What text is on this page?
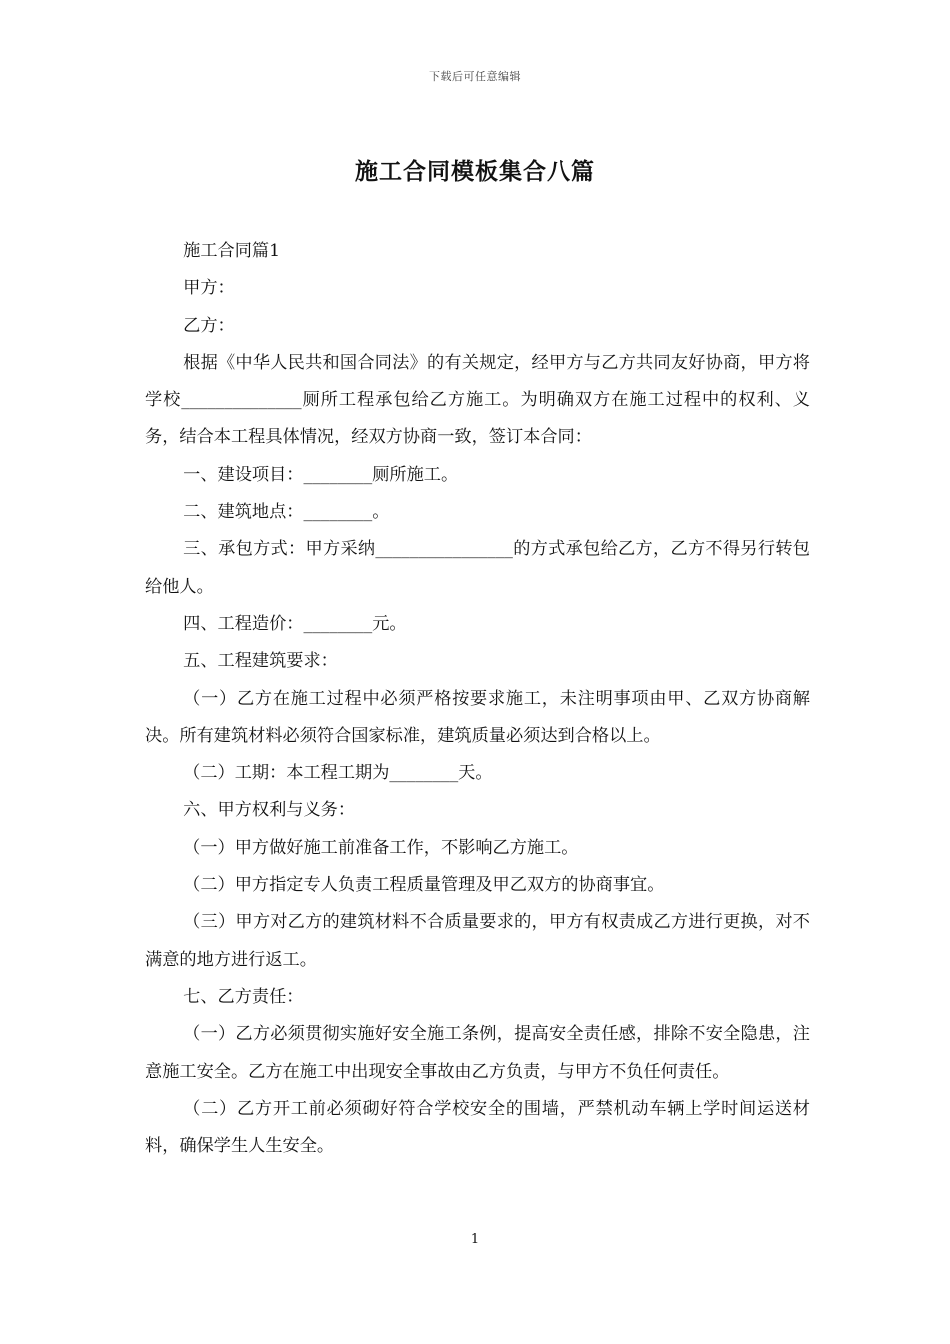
下载后可任意编辑
施工合同模板集合八篇

施工合同篇1

甲方：

乙方：

根据《中华人民共和国合同法》的有关规定，经甲方与乙方共同友好协商，甲方将学校______________厕所工程承包给乙方施工。为明确双方在施工过程中的权利、义务，结合本工程具体情况，经双方协商一致，签订本合同：

一、建设项目：________厕所施工。

二、建筑地点：________。

三、承包方式：甲方采纳________________的方式承包给乙方，乙方不得另行转包给他人。

四、工程造价：________元。

五、工程建筑要求：

（一）乙方在施工过程中必须严格按要求施工，未注明事项由甲、乙双方协商解决。所有建筑材料必须符合国家标准，建筑质量必须达到合格以上。

（二）工期：本工程工期为________天。

六、甲方权利与义务：

（一）甲方做好施工前准备工作，不影响乙方施工。

（二）甲方指定专人负责工程质量管理及甲乙双方的协商事宜。

（三）甲方对乙方的建筑材料不合质量要求的，甲方有权责成乙方进行更换，对不满意的地方进行返工。

七、乙方责任：

（一）乙方必须贯彻实施好安全施工条例，提高安全责任感，排除不安全隐患，注意施工安全。乙方在施工中出现安全事故由乙方负责，与甲方不负任何责任。

（二）乙方开工前必须砌好符合学校安全的围墙，严禁机动车辆上学时间运送材料，确保学生人生安全。

1
